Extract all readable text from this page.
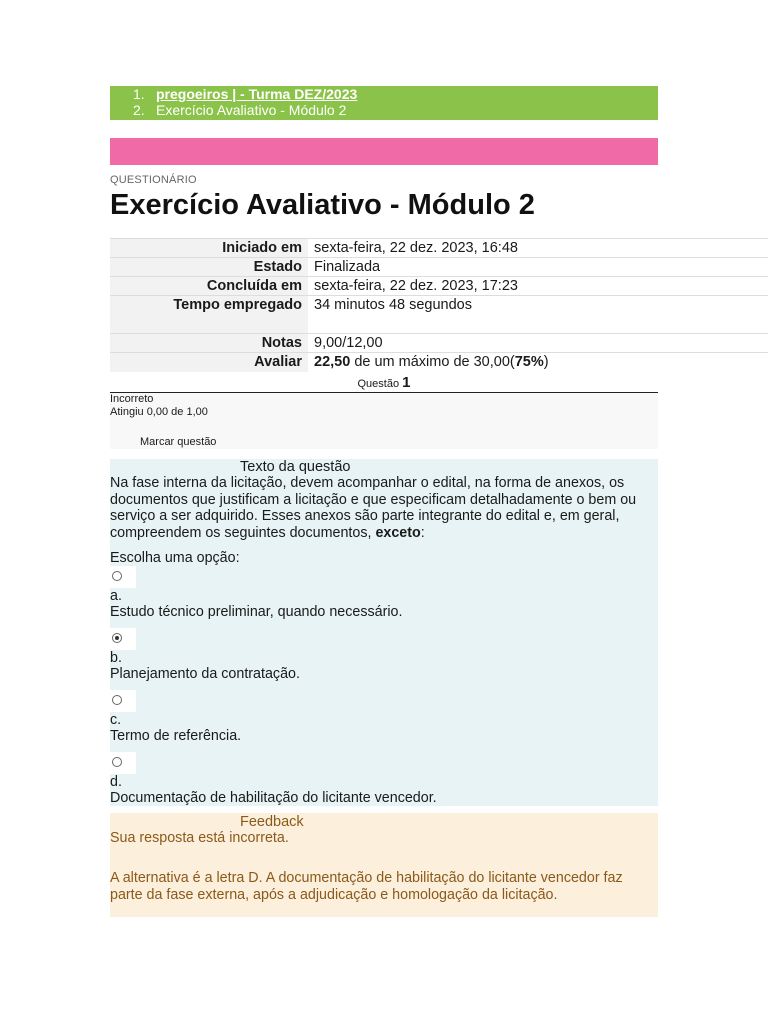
1. pregoeiros | - Turma DEZ/2023
2. Exercício Avaliativo - Módulo 2
QUESTIONÁRIO
Exercício Avaliativo - Módulo 2
Iniciado em	sexta-feira, 22 dez. 2023, 16:48
Estado	Finalizada
Concluída em	sexta-feira, 22 dez. 2023, 17:23
Tempo empregado	34 minutos 48 segundos
Notas	9,00/12,00
Avaliar	22,50 de um máximo de 30,00(75%)
Questão 1
Incorreto
Atingiu 0,00 de 1,00
Marcar questão
Texto da questão
Na fase interna da licitação, devem acompanhar o edital, na forma de anexos, os documentos que justificam a licitação e que especificam detalhadamente o bem ou serviço a ser adquirido. Esses anexos são parte integrante do edital e, em geral, compreendem os seguintes documentos, exceto:
Escolha uma opção:
a.
Estudo técnico preliminar, quando necessário.
b.
Planejamento da contratação.
c.
Termo de referência.
d.
Documentação de habilitação do licitante vencedor.
Feedback
Sua resposta está incorreta.
A alternativa é a letra D. A documentação de habilitação do licitante vencedor faz parte da fase externa, após a adjudicação e homologação da licitação.
